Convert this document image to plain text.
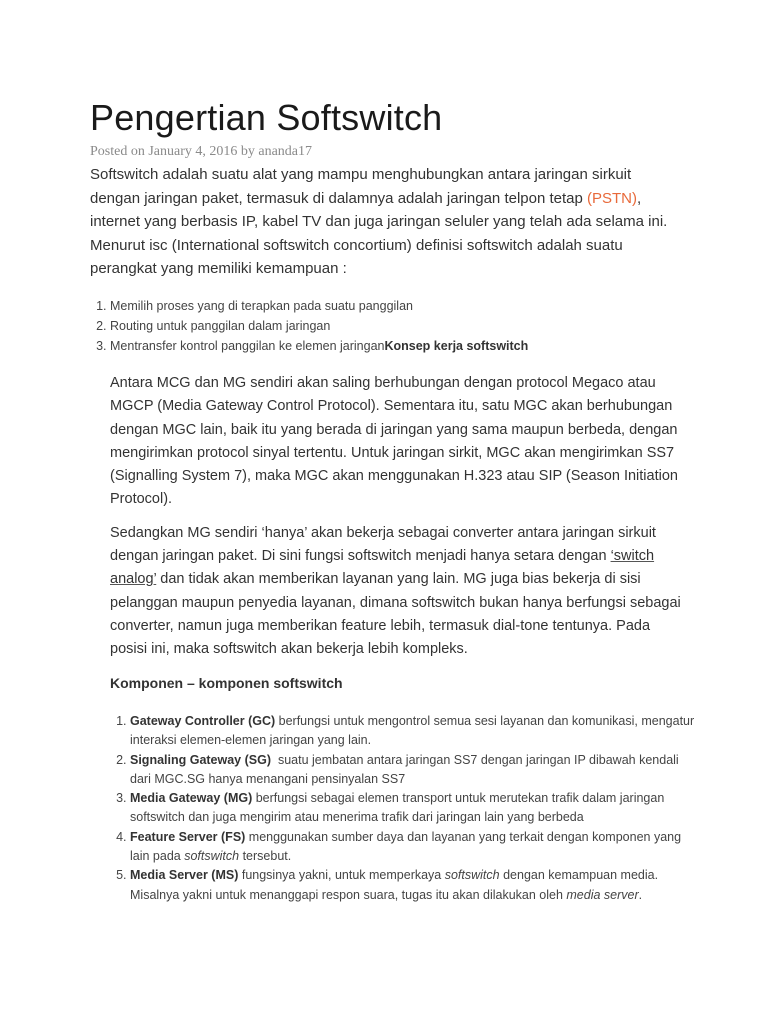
Pengertian Softswitch
Posted on January 4, 2016 by ananda17

Softswitch adalah suatu alat yang mampu menghubungkan antara jaringan sirkuit dengan jaringan paket, termasuk di dalamnya adalah jaringan telpon tetap (PSTN), internet yang berbasis IP, kabel TV dan juga jaringan seluler yang telah ada selama ini.

Menurut isc (International softswitch concortium) definisi softswitch adalah suatu perangkat yang memiliki kemampuan :

1. Memilih proses yang di terapkan pada suatu panggilan
2. Routing untuk panggilan dalam jaringan
3. Mentransfer kontrol panggilan ke elemen jaringanKonsep kerja softswitch

Antara MCG dan MG sendiri akan saling berhubungan dengan protocol Megaco atau MGCP (Media Gateway Control Protocol). Sementara itu, satu MGC akan berhubungan dengan MGC lain, baik itu yang berada di jaringan yang sama maupun berbeda, dengan mengirimkan protocol sinyal tertentu. Untuk jaringan sirkit, MGC akan mengirimkan SS7 (Signalling System 7), maka MGC akan menggunakan H.323 atau SIP (Season Initiation Protocol).

Sedangkan MG sendiri ‘hanya’ akan bekerja sebagai converter antara jaringan sirkuit dengan jaringan paket. Di sini fungsi softswitch menjadi hanya setara dengan ‘switch analog’ dan tidak akan memberikan layanan yang lain. MG juga bias bekerja di sisi pelanggan maupun penyedia layanan, dimana softswitch bukan hanya berfungsi sebagai converter, namun juga memberikan feature lebih, termasuk dial-tone tentunya. Pada posisi ini, maka softswitch akan bekerja lebih kompleks.

Komponen – komponen softswitch
1. Gateway Controller (GC) berfungsi untuk mengontrol semua sesi layanan dan komunikasi, mengatur interaksi elemen-elemen jaringan yang lain.
2. Signaling Gateway (SG)  suatu jembatan antara jaringan SS7 dengan jaringan IP dibawah kendali dari MGC.SG hanya menangani pensinyalan SS7
3. Media Gateway (MG) berfungsi sebagai elemen transport untuk merutekan trafik dalam jaringan softswitch dan juga mengirim atau menerima trafik dari jaringan lain yang berbeda
4. Feature Server (FS) menggunakan sumber daya dan layanan yang terkait dengan komponen yang lain pada softswitch tersebut.
5. Media Server (MS) fungsinya yakni, untuk memperkaya softswitch dengan kemampuan media. Misalnya yakni untuk menanggapi respon suara, tugas itu akan dilakukan oleh media server.
